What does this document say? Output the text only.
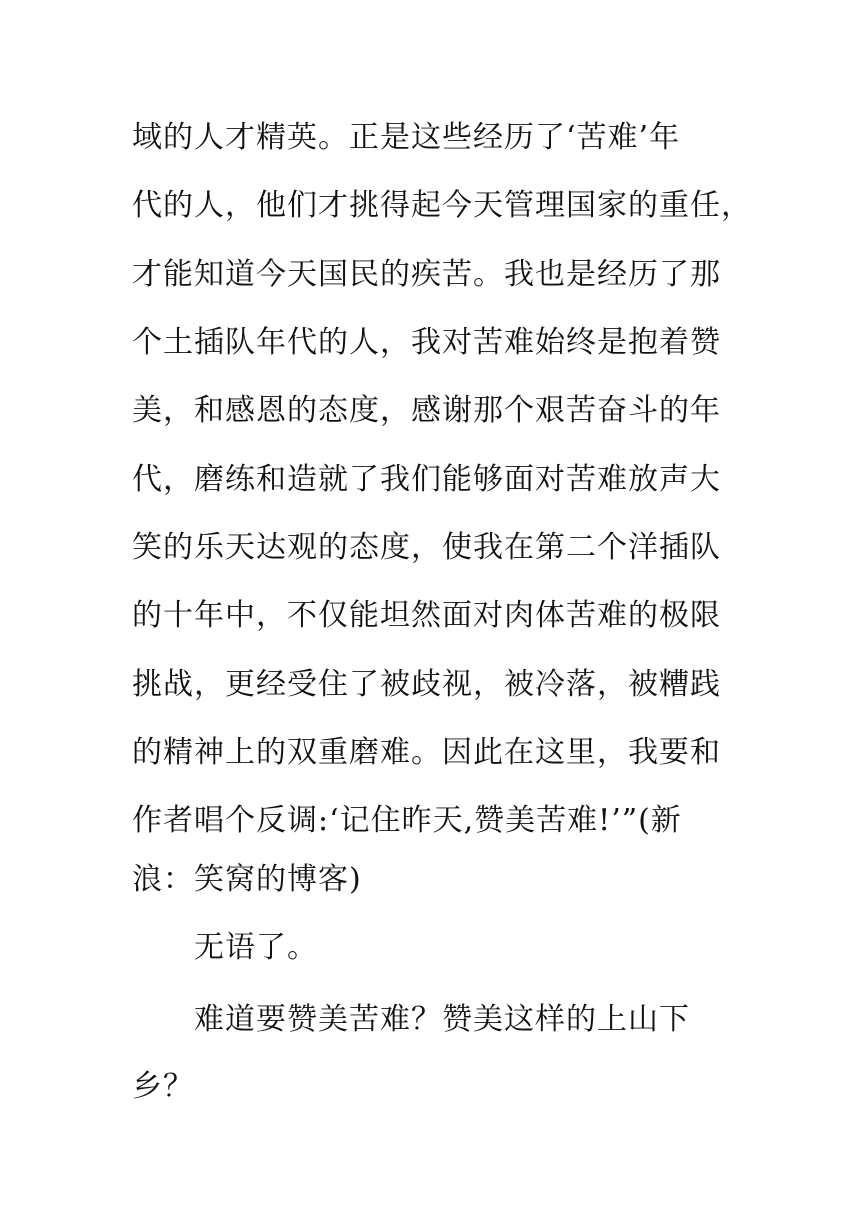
域的人才精英。正是这些经历了‘苦难’年
代的人，他们才挑得起今天管理国家的重任，
才能知道今天国民的疾苦。我也是经历了那
个土插队年代的人，我对苦难始终是抱着赞
美，和感恩的态度，感谢那个艰苦奋斗的年
代，磨练和造就了我们能够面对苦难放声大
笑的乐天达观的态度，使我在第二个洋插队
的十年中，不仅能坦然面对肉体苦难的极限
挑战，更经受住了被歧视，被冷落，被糟践
的精神上的双重磨难。因此在这里，我要和
作者唱个反调:‘记住昨天,赞美苦难!’”(新
浪：笑窝的博客)
无语了。
难道要赞美苦难？赞美这样的上山下
乡？
